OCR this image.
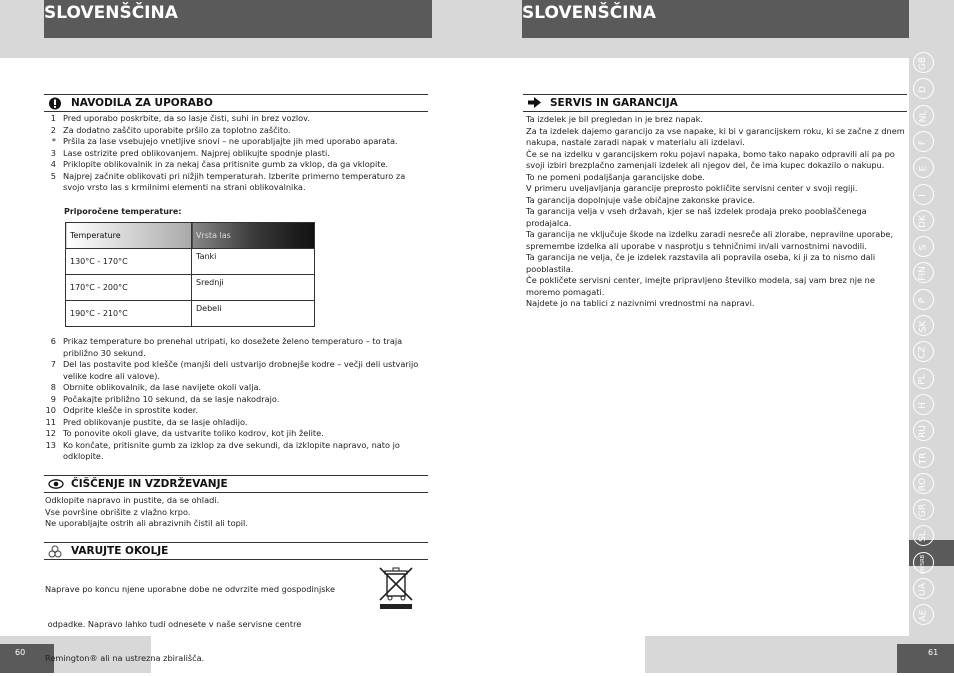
SLOVENŠČINA	SLOVENŠČINA
GB
D
NL
F
E
I
DK
S
FIN
P
SK
CZ
PL
H
RU
TR
RO
GR
SL
HR/SRB
UA
AE
60	61
NAVODILA ZA UPORABO
1 Pred uporabo poskrbite, da so lasje čisti, suhi in brez vozlov.
2 Za dodatno zaščito uporabite pršilo za toplotno zaščito.
* Pršila za lase vsebujejo vnetljive snovi – ne uporabljajte jih med uporabo aparata.
3 Lase ostrizite pred oblikovanjem. Najprej oblikujte spodnje plasti.
4 Priklopite oblikovalnik in za nekaj časa pritisnite gumb za vklop, da ga vklopite.
5 Najprej začnite oblikovati pri nižjih temperaturah. Izberite primerno temperaturo za svojo vrsto las s krmilnimi elementi na strani oblikovalnika.
Priporočene temperature:
Temperature	Vrsta las
130°C - 170°C	Tanki
170°C - 200°C	Srednji
190°C - 210°C	Debeli
6 Prikaz temperature bo prenehal utripati, ko dosežete želeno temperaturo – to traja približno 30 sekund.
7 Del las postavite pod klešče (manjši deli ustvarijo drobnejše kodre – večji deli ustvarijo velike kodre ali valove).
8 Obrnite oblikovalnik, da lase navijete okoli valja.
9 Počakajte približno 10 sekund, da se lasje nakodrajo.
10 Odprite klešče in sprostite koder.
11 Pred oblikovanje pustite, da se lasje ohladijo.
12 To ponovite okoli glave, da ustvarite toliko kodrov, kot jih želite.
13 Ko končate, pritisnite gumb za izklop za dve sekundi, da izklopite napravo, nato jo odklopite.
ČIŠČENJE IN VZDRŽEVANJE
Odklopite napravo in pustite, da se ohladi.
Vse površine obrišite z vlažno krpo.
Ne uporabljajte ostrih ali abrazivnih čistil ali topil.
VARUJTE OKOLJE

Naprave po koncu njene uporabne dobe ne odvrzite med gospodinjske

odpadke. Napravo lahko tudi odnesete v naše servisne centre

Remington® ali na ustrezna zbirališča.

SERVIS IN GARANCIJA
Ta izdelek je bil pregledan in je brez napak.
Za ta izdelek dajemo garancijo za vse napake, ki bi v garancijskem roku, ki se začne z dnem
nakupa, nastale zaradi napak v materialu ali izdelavi.
Če se na izdelku v garancijskem roku pojavi napaka, bomo tako napako odpravili ali pa po
svoji izbiri brezplačno zamenjali izdelek ali njegov del, če ima kupec dokazilo o nakupu.
To ne pomeni podaljšanja garancijske dobe.
V primeru uveljavljanja garancije preprosto pokličite servisni center v svoji regiji.
Ta garancija dopolnjuje vaše običajne zakonske pravice.
Ta garancija velja v vseh državah, kjer se naš izdelek prodaja preko pooblaščenega
prodajalca.
Ta garancija ne vključuje škode na izdelku zaradi nesreče ali zlorabe, nepravilne uporabe,
spremembe izdelka ali uporabe v nasprotju s tehničnimi in/ali varnostnimi navodili.
Ta garancija ne velja, če je izdelek razstavila ali popravila oseba, ki ji za to nismo dali
pooblastila.
Če pokličete servisni center, imejte pripravljeno številko modela, saj vam brez nje ne
moremo pomagati.
Najdete jo na tablici z nazivnimi vrednostmi na napravi.
